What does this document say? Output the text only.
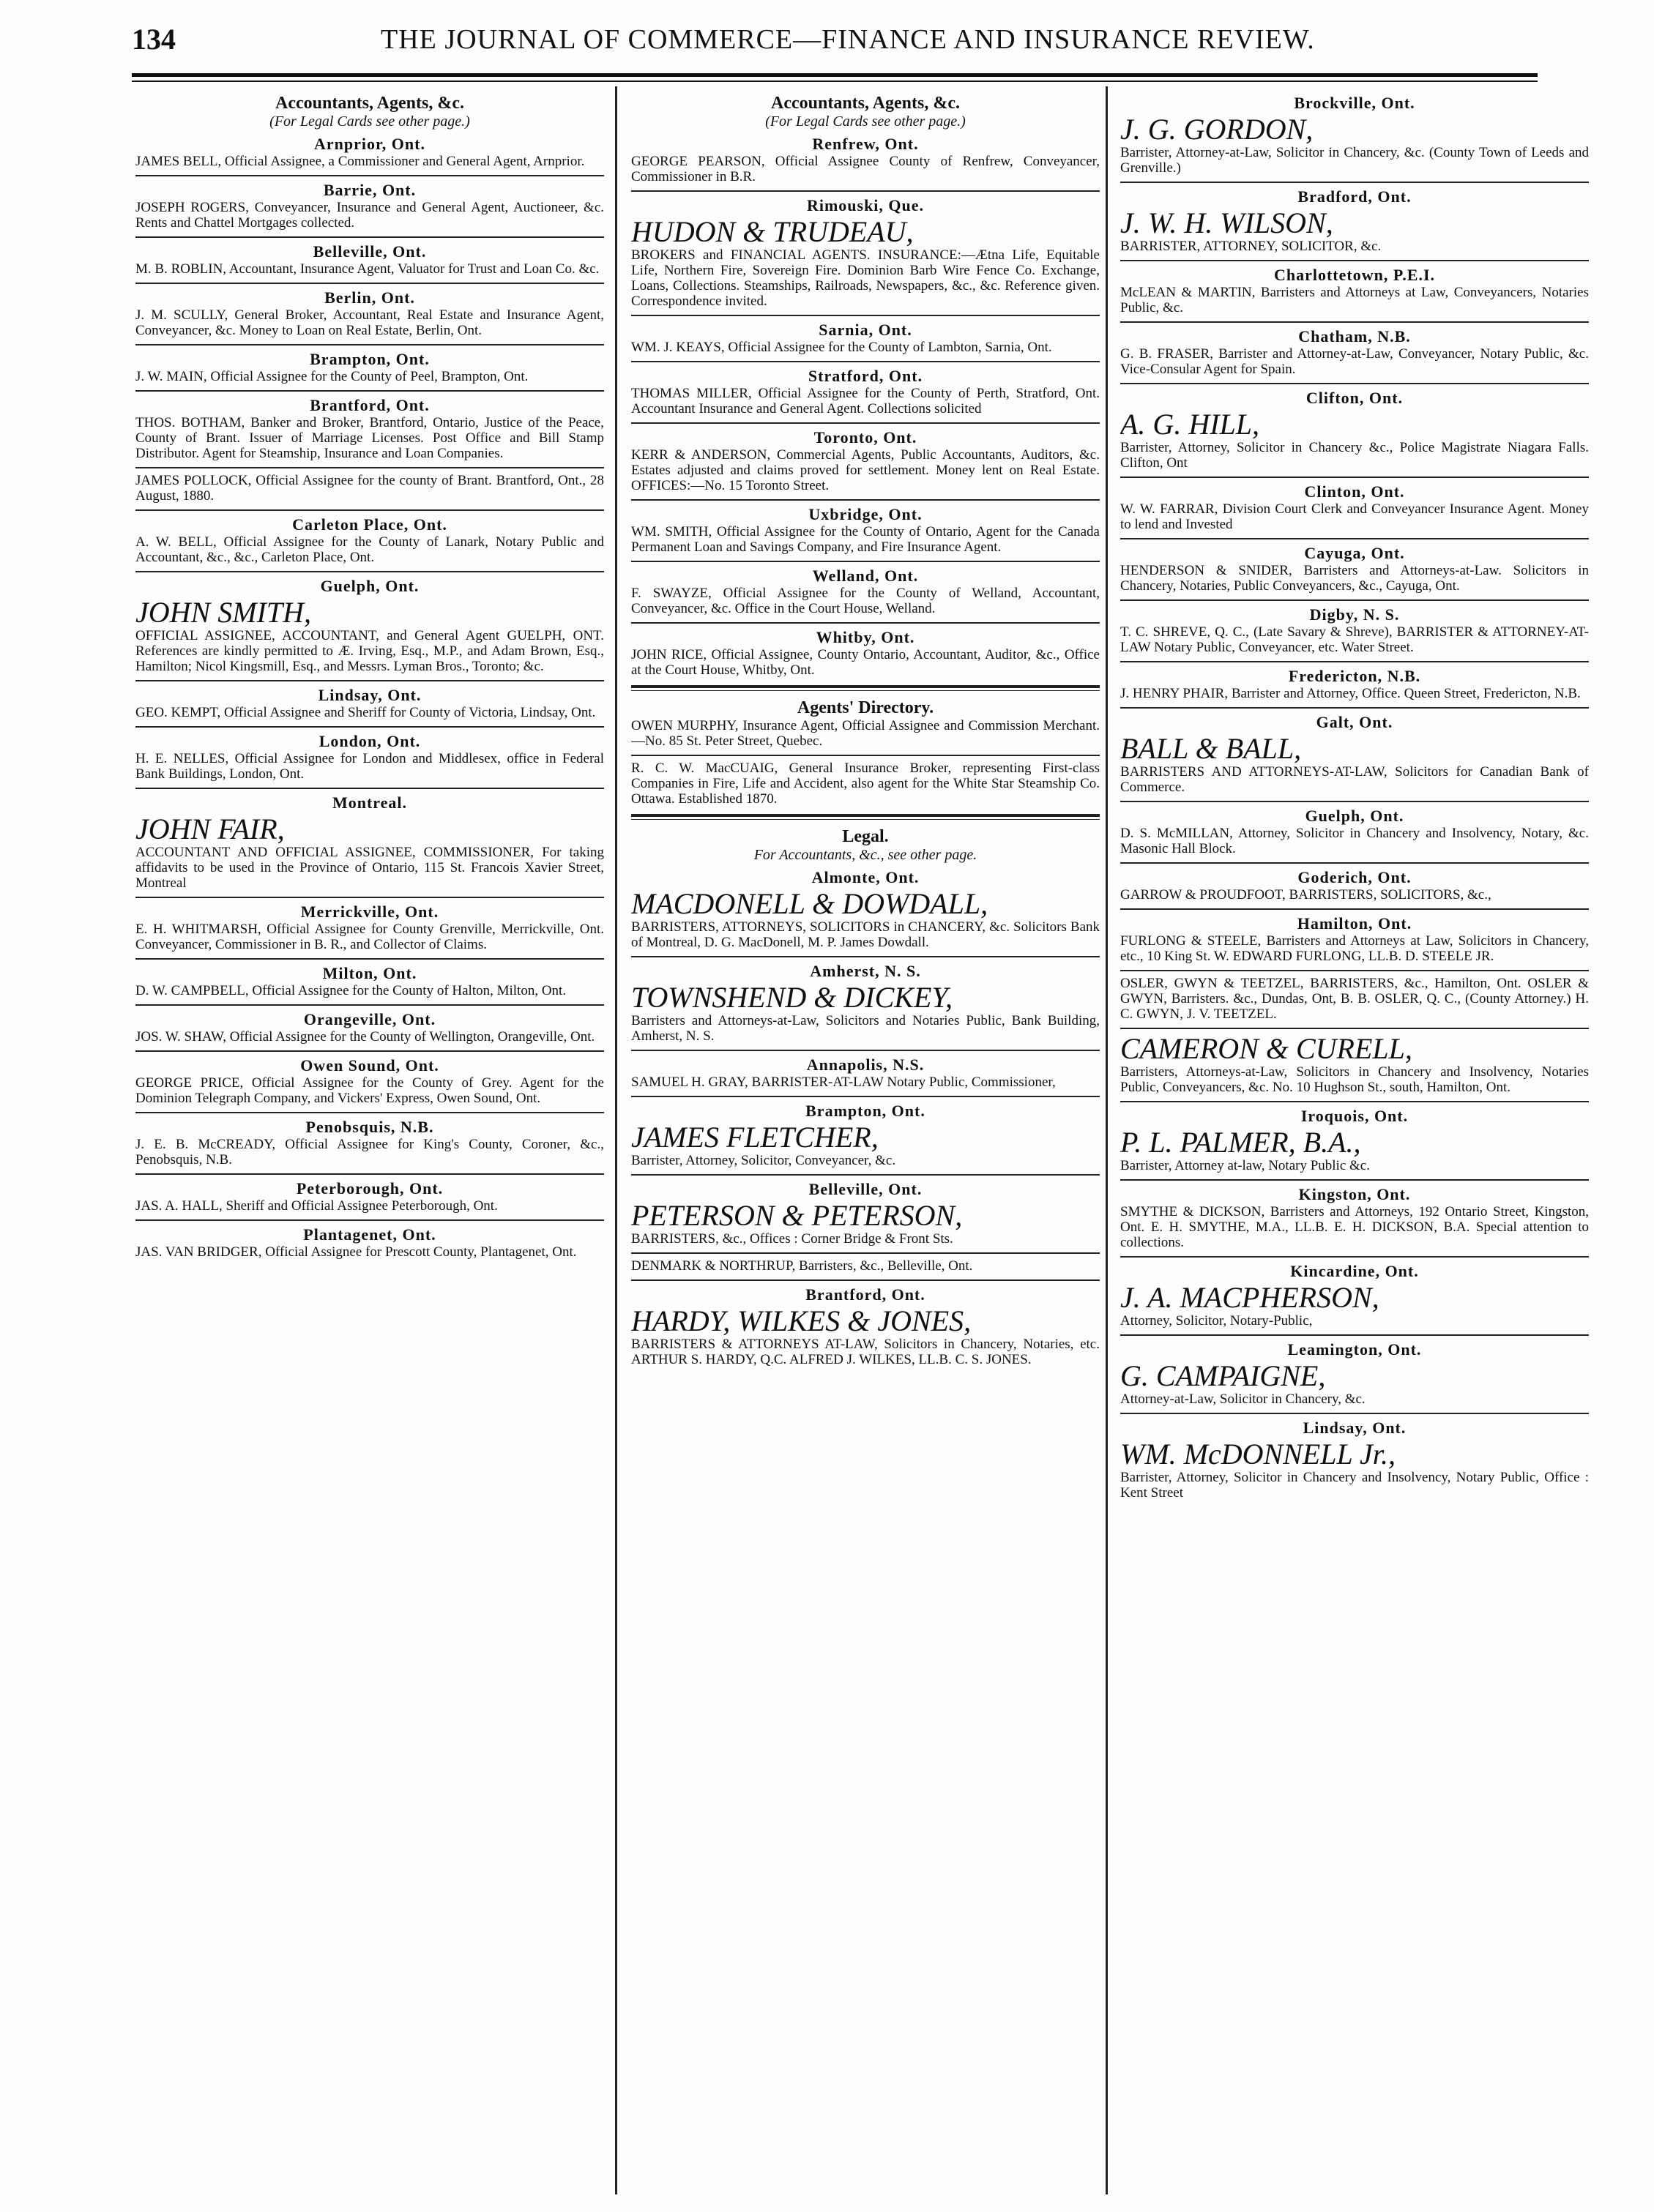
134	THE JOURNAL OF COMMERCE—FINANCE AND INSURANCE REVIEW.

Accountants, Agents, &c.

(For Legal Cards see other page.)

Arnprior, Ont.

JAMES BELL, Official Assignee, a Commissioner and General Agent, Arnprior.

Barrie, Ont.

JOSEPH ROGERS, Conveyancer, Insurance and General Agent, Auctioneer, &c. Rents and Chattel Mortgages collected.

Belleville, Ont.

M. B. ROBLIN, Accountant, Insurance Agent, Valuator for Trust and Loan Co. &c.

Berlin, Ont.

J. M. SCULLY, General Broker, Accountant, Real Estate and Insurance Agent, Conveyancer, &c. Money to Loan on Real Estate, Berlin, Ont.

Brampton, Ont.

J. W. MAIN, Official Assignee for the County of Peel, Brampton, Ont.

Brantford, Ont.

THOS. BOTHAM, Banker and Broker, Brantford, Ontario, Justice of the Peace, County of Brant. Issuer of Marriage Licenses. Post Office and Bill Stamp Distributor. Agent for Steamship, Insurance and Loan Companies.

JAMES POLLOCK, Official Assignee for the county of Brant. Brantford, Ont., 28 August, 1880.

Carleton Place, Ont.

A. W. BELL, Official Assignee for the County of Lanark, Notary Public and Accountant, &c., &c., Carleton Place, Ont.

Guelph, Ont.

JOHN SMITH,

OFFICIAL ASSIGNEE, ACCOUNTANT, and General Agent GUELPH, ONT. References are kindly permitted to Æ. Irving, Esq., M.P., and Adam Brown, Esq., Hamilton; Nicol Kingsmill, Esq., and Messrs. Lyman Bros., Toronto; &c.

Lindsay, Ont.

GEO. KEMPT, Official Assignee and Sheriff for County of Victoria, Lindsay, Ont.

London, Ont.

H. E. NELLES, Official Assignee for London and Middlesex, office in Federal Bank Buildings, London, Ont.

Montreal.

JOHN FAIR,

ACCOUNTANT AND OFFICIAL ASSIGNEE, COMMISSIONER, For taking affidavits to be used in the Province of Ontario, 115 St. Francois Xavier Street, Montreal

Merrickville, Ont.

E. H. WHITMARSH, Official Assignee for County Grenville, Merrickville, Ont. Conveyancer, Commissioner in B. R., and Collector of Claims.

Milton, Ont.

D. W. CAMPBELL, Official Assignee for the County of Halton, Milton, Ont.

Orangeville, Ont.

JOS. W. SHAW, Official Assignee for the County of Wellington, Orangeville, Ont.

Owen Sound, Ont.

GEORGE PRICE, Official Assignee for the County of Grey. Agent for the Dominion Telegraph Company, and Vickers' Express, Owen Sound, Ont.

Penobsquis, N.B.

J. E. B. McCREADY, Official Assignee for King's County, Coroner, &c., Penobsquis, N.B.

Peterborough, Ont.

JAS. A. HALL, Sheriff and Official Assignee Peterborough, Ont.

Plantagenet, Ont.

JAS. VAN BRIDGER, Official Assignee for Prescott County, Plantagenet, Ont.

Accountants, Agents, &c.

(For Legal Cards see other page.)

Renfrew, Ont.

GEORGE PEARSON, Official Assignee County of Renfrew, Conveyancer, Commissioner in B.R.

Rimouski, Que.

HUDON & TRUDEAU,

BROKERS and FINANCIAL AGENTS. INSURANCE:—Ætna Life, Equitable Life, Northern Fire, Sovereign Fire. Dominion Barb Wire Fence Co. Exchange, Loans, Collections. Steamships, Railroads, Newspapers, &c., &c. Reference given. Correspondence invited.

Sarnia, Ont.

WM. J. KEAYS, Official Assignee for the County of Lambton, Sarnia, Ont.

Stratford, Ont.

THOMAS MILLER, Official Assignee for the County of Perth, Stratford, Ont. Accountant Insurance and General Agent. Collections solicited

Toronto, Ont.

KERR & ANDERSON, Commercial Agents, Public Accountants, Auditors, &c. Estates adjusted and claims proved for settlement. Money lent on Real Estate. OFFICES:—No. 15 Toronto Street.

Uxbridge, Ont.

WM. SMITH, Official Assignee for the County of Ontario, Agent for the Canada Permanent Loan and Savings Company, and Fire Insurance Agent.

Welland, Ont.

F. SWAYZE, Official Assignee for the County of Welland, Accountant, Conveyancer, &c. Office in the Court House, Welland.

Whitby, Ont.

JOHN RICE, Official Assignee, County Ontario, Accountant, Auditor, &c., Office at the Court House, Whitby, Ont.

Agents' Directory.

OWEN MURPHY, Insurance Agent, Official Assignee and Commission Merchant.—No. 85 St. Peter Street, Quebec.

R. C. W. MacCUAIG, General Insurance Broker, representing First-class Companies in Fire, Life and Accident, also agent for the White Star Steamship Co. Ottawa. Established 1870.

Legal.

For Accountants, &c., see other page.

Almonte, Ont.

MACDONELL & DOWDALL,

BARRISTERS, ATTORNEYS, SOLICITORS in CHANCERY, &c. Solicitors Bank of Montreal, D. G. MacDonell, M. P. James Dowdall.

Amherst, N. S.

TOWNSHEND & DICKEY,

Barristers and Attorneys-at-Law, Solicitors and Notaries Public, Bank Building, Amherst, N. S.

Annapolis, N.S.

SAMUEL H. GRAY, BARRISTER-AT-LAW Notary Public, Commissioner,

Brampton, Ont.

JAMES FLETCHER,

Barrister, Attorney, Solicitor, Conveyancer, &c.

Belleville, Ont.

PETERSON & PETERSON,

BARRISTERS, &c., Offices : Corner Bridge & Front Sts.

DENMARK & NORTHRUP, Barristers, &c., Belleville, Ont.

Brantford, Ont.

HARDY, WILKES & JONES,

BARRISTERS & ATTORNEYS AT-LAW, Solicitors in Chancery, Notaries, etc. ARTHUR S. HARDY, Q.C. ALFRED J. WILKES, LL.B. C. S. JONES.

Brockville, Ont.

J. G. GORDON,

Barrister, Attorney-at-Law, Solicitor in Chancery, &c. (County Town of Leeds and Grenville.)

Bradford, Ont.

J. W. H. WILSON,

BARRISTER, ATTORNEY, SOLICITOR, &c.

Charlottetown, P.E.I.

McLEAN & MARTIN, Barristers and Attorneys at Law, Conveyancers, Notaries Public, &c.

Chatham, N.B.

G. B. FRASER, Barrister and Attorney-at-Law, Conveyancer, Notary Public, &c. Vice-Consular Agent for Spain.

Clifton, Ont.

A. G. HILL,

Barrister, Attorney, Solicitor in Chancery &c., Police Magistrate Niagara Falls. Clifton, Ont

Clinton, Ont.

W. W. FARRAR, Division Court Clerk and Conveyancer Insurance Agent. Money to lend and Invested

Cayuga, Ont.

HENDERSON & SNIDER, Barristers and Attorneys-at-Law. Solicitors in Chancery, Notaries, Public Conveyancers, &c., Cayuga, Ont.

Digby, N. S.

T. C. SHREVE, Q. C., (Late Savary & Shreve), BARRISTER & ATTORNEY-AT-LAW Notary Public, Conveyancer, etc. Water Street.

Fredericton, N.B.

J. HENRY PHAIR, Barrister and Attorney, Office. Queen Street, Fredericton, N.B.

Galt, Ont.

BALL & BALL,

BARRISTERS AND ATTORNEYS-AT-LAW, Solicitors for Canadian Bank of Commerce.

Guelph, Ont.

D. S. McMILLAN, Attorney, Solicitor in Chancery and Insolvency, Notary, &c. Masonic Hall Block.

Goderich, Ont.

GARROW & PROUDFOOT, BARRISTERS, SOLICITORS, &c.,

Hamilton, Ont.

FURLONG & STEELE, Barristers and Attorneys at Law, Solicitors in Chancery, etc., 10 King St. W. EDWARD FURLONG, LL.B. D. STEELE JR.

OSLER, GWYN & TEETZEL, BARRISTERS, &c., Hamilton, Ont. OSLER & GWYN, Barristers. &c., Dundas, Ont, B. B. OSLER, Q. C., (County Attorney.) H. C. GWYN, J. V. TEETZEL.

CAMERON & CURELL,

Barristers, Attorneys-at-Law, Solicitors in Chancery and Insolvency, Notaries Public, Conveyancers, &c. No. 10 Hughson St., south, Hamilton, Ont.

Iroquois, Ont.

P. L. PALMER, B.A.,

Barrister, Attorney at-law, Notary Public &c.

Kingston, Ont.

SMYTHE & DICKSON, Barristers and Attorneys, 192 Ontario Street, Kingston, Ont. E. H. SMYTHE, M.A., LL.B. E. H. DICKSON, B.A. Special attention to collections.

Kincardine, Ont.

J. A. MACPHERSON,

Attorney, Solicitor, Notary-Public,

Leamington, Ont.

G. CAMPAIGNE,

Attorney-at-Law, Solicitor in Chancery, &c.

Lindsay, Ont.

WM. McDONNELL Jr.,

Barrister, Attorney, Solicitor in Chancery and Insolvency, Notary Public, Office : Kent Street
